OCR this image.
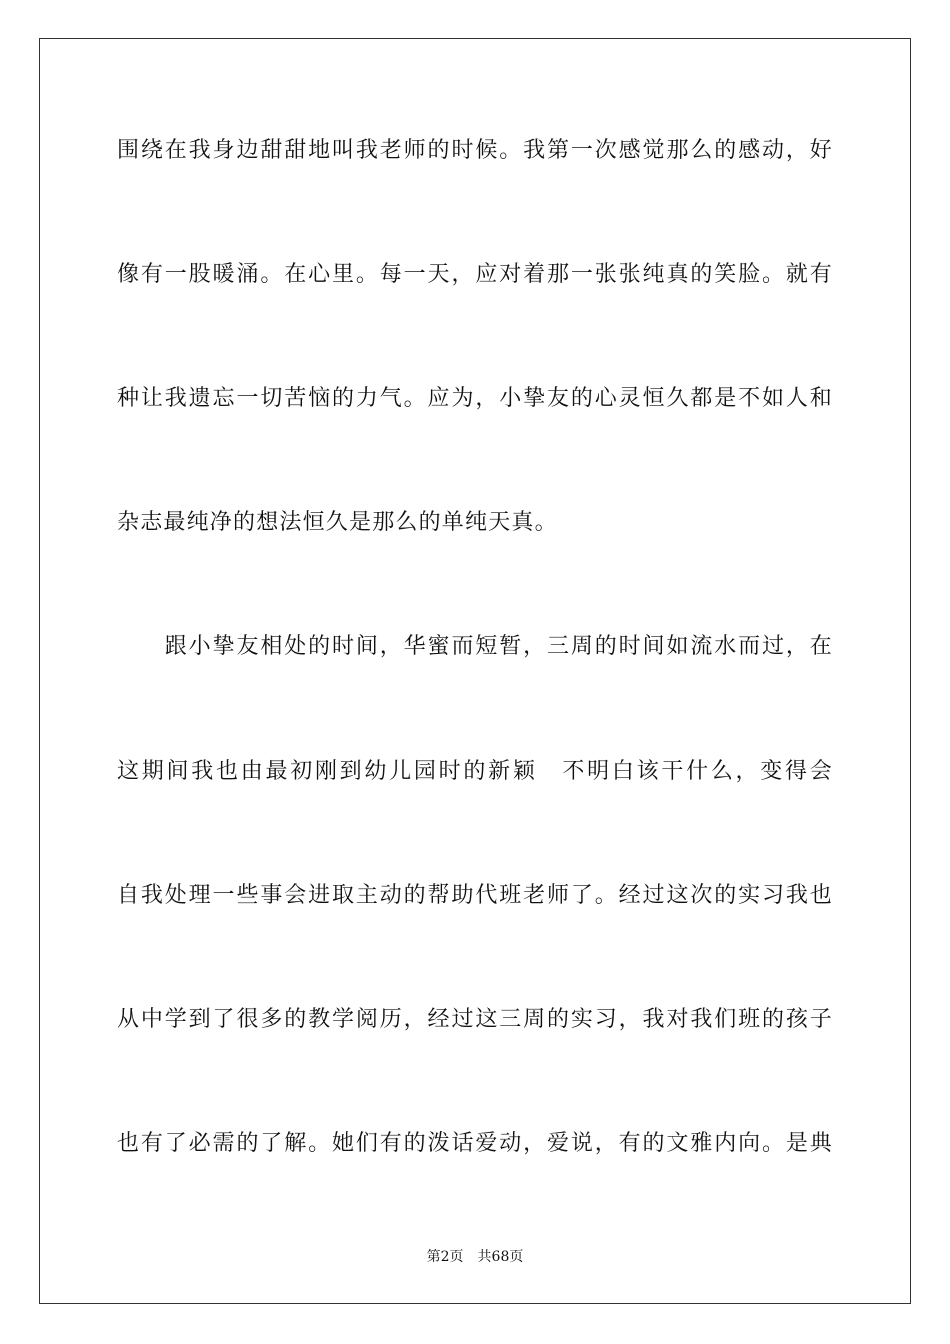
围绕在我身边甜甜地叫我老师的时候。我第一次感觉那么的感动，好
像有一股暖涌。在心里。每一天，应对着那一张张纯真的笑脸。就有
种让我遗忘一切苦恼的力气。应为，小挚友的心灵恒久都是不如人和
杂志最纯净的想法恒久是那么的单纯天真。
　　跟小挚友相处的时间，华蜜而短暂，三周的时间如流水而过，在
这期间我也由最初刚到幼儿园时的新颖　不明白该干什么，变得会
自我处理一些事会进取主动的帮助代班老师了。经过这次的实习我也
从中学到了很多的教学阅历，经过这三周的实习，我对我们班的孩子
也有了必需的了解。她们有的泼话爱动，爱说，有的文雅内向。是典
第2页　共68页
